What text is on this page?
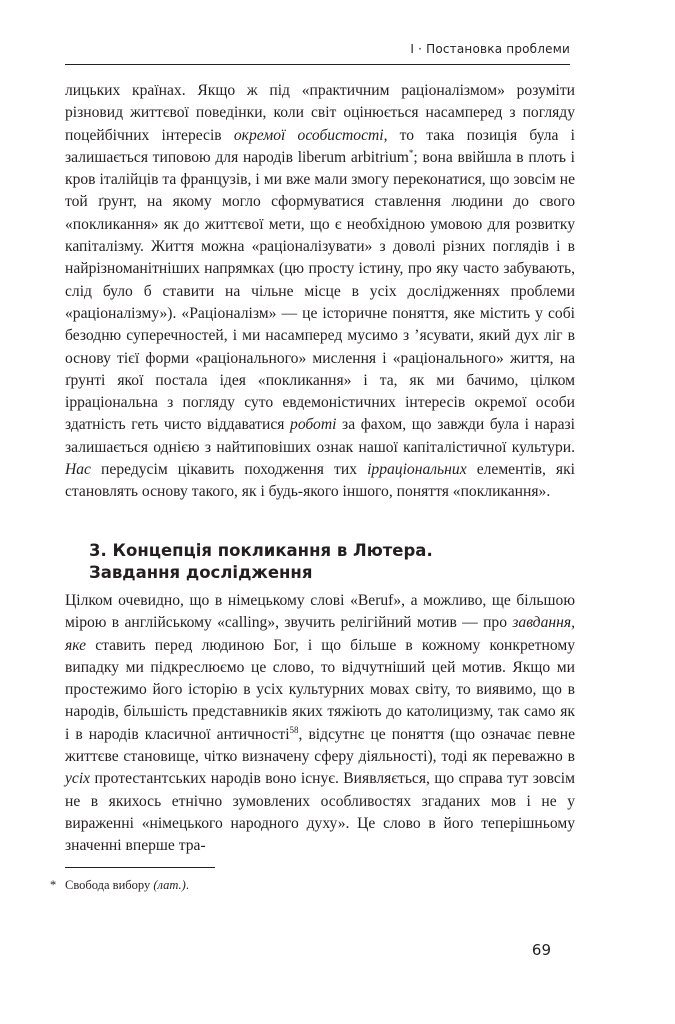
I · Постановка проблеми

лицьких країнах. Якщо ж під «практичним раціоналізмом» розуміти різновид життєвої поведінки, коли світ оцінюється насамперед з погляду поцейбічних інтересів окремої особистості, то така позиція була і залишається типовою для народів liberum arbitrium*; вона ввійшла в плоть і кров італійців та французів, і ми вже мали змогу переконатися, що зовсім не той ґрунт, на якому могло сформуватися ставлення людини до свого «покликання» як до життєвої мети, що є необхідною умовою для розвитку капіталізму. Життя можна «раціоналізувати» з доволі різних поглядів і в найрізноманітніших напрямках (цю просту істину, про яку часто забувають, слід було б ставити на чільне місце в усіх дослідженнях проблеми «раціоналізму»). «Раціоналізм» — це історичне поняття, яке містить у собі безодню суперечностей, і ми насамперед мусимо з ’ясувати, який дух ліг в основу тієї форми «раціонального» мислення і «раціонального» життя, на ґрунті якої постала ідея «покликання» і та, як ми бачимо, цілком ірраціональна з погляду суто евдемоністичних інтересів окремої особи здатність геть чисто віддаватися роботі за фахом, що завжди була і наразі залишається однією з найтиповіших ознак нашої капіталістичної культури. Нас передусім цікавить походження тих ірраціональних елементів, які становлять основу такого, як і будь-якого іншого, поняття «покликання».

3. Концепція покликання в Лютера.
Завдання дослідження

Цілком очевидно, що в німецькому слові «Beruf», а можливо, ще більшою мірою в англійському «calling», звучить релігійний мотив — про завдання, яке ставить перед людиною Бог, і що більше в кожному конкретному випадку ми підкреслюємо це слово, то відчутніший цей мотив. Якщо ми простежимо його історію в усіх культурних мовах світу, то виявимо, що в народів, більшість представників яких тяжіють до католицизму, так само як і в народів класичної античності$^{58}$, відсутнє це поняття (що означає певне життєве становище, чітко визначену сферу діяльності), тоді як переважно в усіх протестантських народів воно існує. Виявляється, що справа тут зовсім не в якихось етнічно зумовлених особливостях згаданих мов і не у вираженні «німецького народного духу». Це слово в його теперішньому значенні вперше тра-

* Свобода вибору (лат.).

69
